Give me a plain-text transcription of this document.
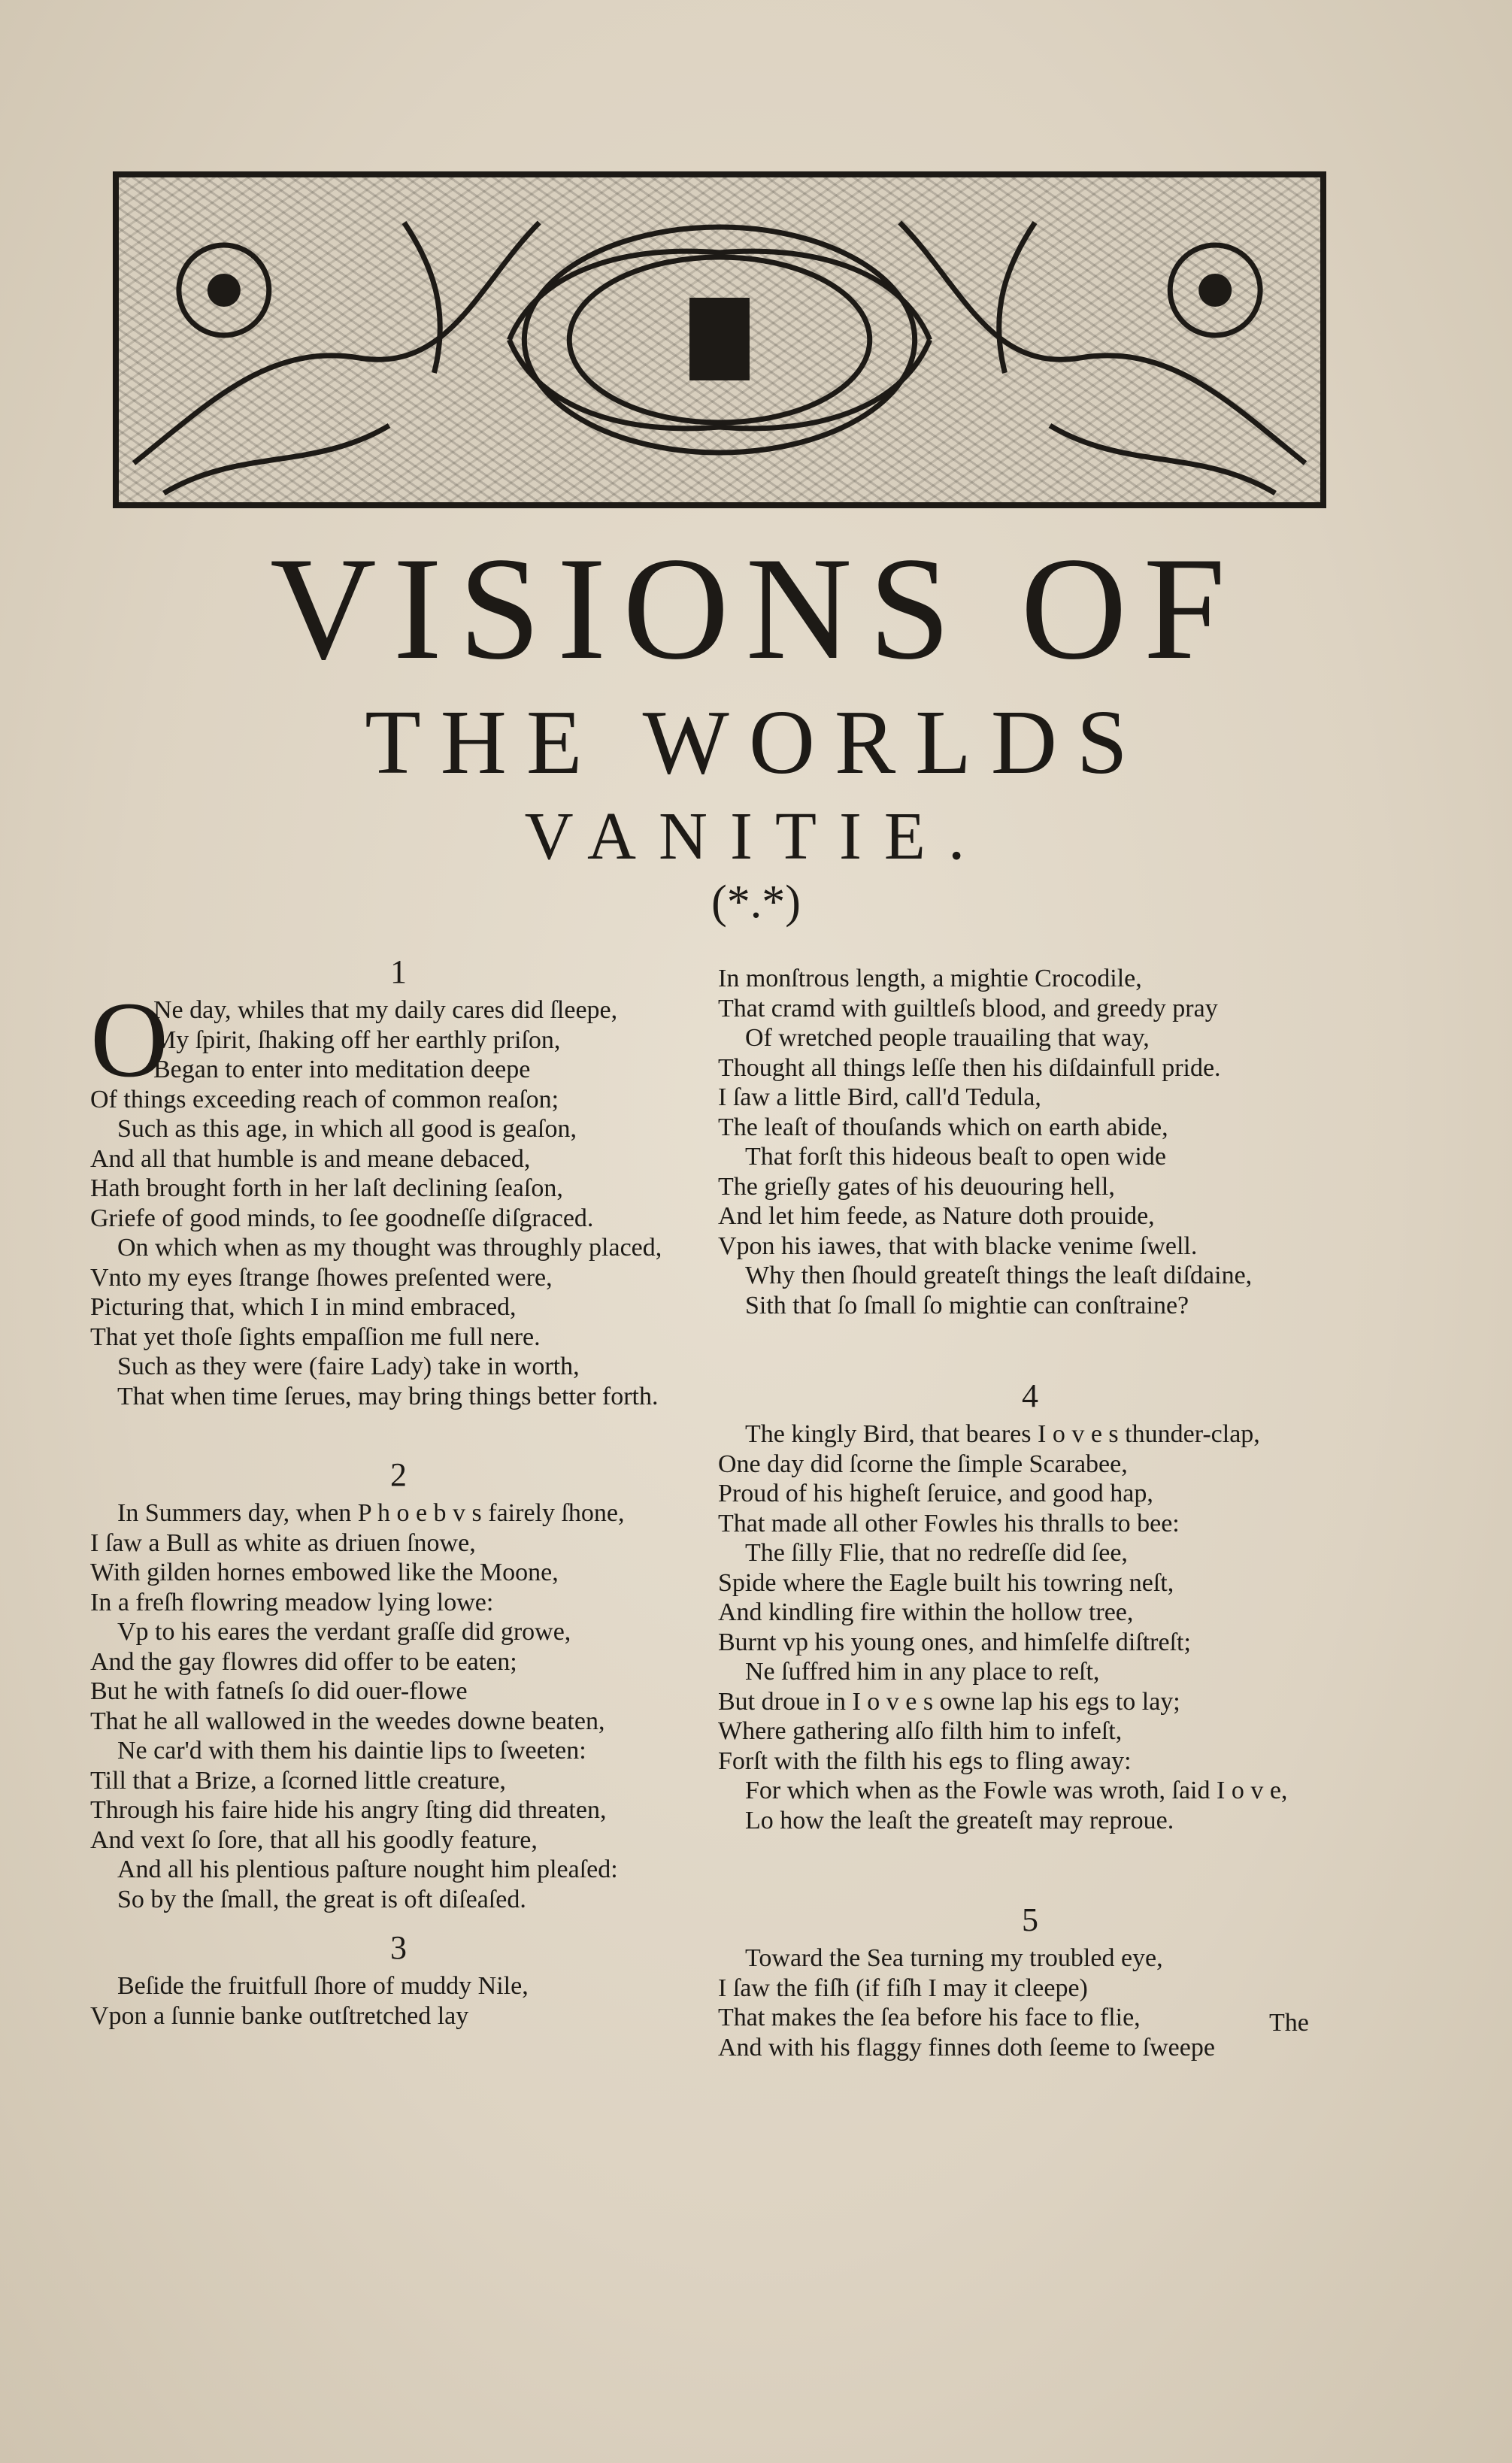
VISIONS OF
THE WORLDS
VANITIE.
(*.*)
1
O
Ne day, whiles that my daily cares did ſleepe,
My ſpirit, ſhaking off her earthly priſon,
Began to enter into meditation deepe
Of things exceeding reach of common reaſon;
Such as this age, in which all good is geaſon,
And all that humble is and meane debaced,
Hath brought forth in her laſt declining ſeaſon,
Griefe of good minds, to ſee goodneſſe diſgraced.
On which when as my thought was throughly placed,
Vnto my eyes ſtrange ſhowes preſented were,
Picturing that, which I in mind embraced,
That yet thoſe ſights empaſſion me full nere.
Such as they were (faire Lady) take in worth,
That when time ſerues, may bring things better forth.
2
In Summers day, when P h o e b v s fairely ſhone,
I ſaw a Bull as white as driuen ſnowe,
With gilden hornes embowed like the Moone,
In a freſh flowring meadow lying lowe:
Vp to his eares the verdant graſſe did growe,
And the gay flowres did offer to be eaten;
But he with fatneſs ſo did ouer-flowe
That he all wallowed in the weedes downe beaten,
Ne car'd with them his daintie lips to ſweeten:
Till that a Brize, a ſcorned little creature,
Through his faire hide his angry ſting did threaten,
And vext ſo ſore, that all his goodly feature,
And all his plentious paſture nought him pleaſed:
So by the ſmall, the great is oft diſeaſed.
3
Beſide the fruitfull ſhore of muddy Nile,
Vpon a ſunnie banke outſtretched lay
In monſtrous length, a mightie Crocodile,
That cramd with guiltleſs blood, and greedy pray
Of wretched people trauailing that way,
Thought all things leſſe then his diſdainfull pride.
I ſaw a little Bird, call'd Tedula,
The leaſt of thouſands which on earth abide,
That forſt this hideous beaſt to open wide
The grieſly gates of his deuouring hell,
And let him feede, as Nature doth prouide,
Vpon his iawes, that with blacke venime ſwell.
Why then ſhould greateſt things the leaſt diſdaine,
Sith that ſo ſmall ſo mightie can conſtraine?
4
The kingly Bird, that beares I o v e s thunder-clap,
One day did ſcorne the ſimple Scarabee,
Proud of his higheſt ſeruice, and good hap,
That made all other Fowles his thralls to bee:
The ſilly Flie, that no redreſſe did ſee,
Spide where the Eagle built his towring neſt,
And kindling fire within the hollow tree,
Burnt vp his young ones, and himſelfe diſtreſt;
Ne ſuffred him in any place to reſt,
But droue in I o v e s owne lap his egs to lay;
Where gathering alſo filth him to infeſt,
Forſt with the filth his egs to fling away:
For which when as the Fowle was wroth, ſaid I o v e,
Lo how the leaſt the greateſt may reproue.
5
Toward the Sea turning my troubled eye,
I ſaw the fiſh (if fiſh I may it cleepe)
That makes the ſea before his face to flie,
And with his flaggy finnes doth ſeeme to ſweepe
The
